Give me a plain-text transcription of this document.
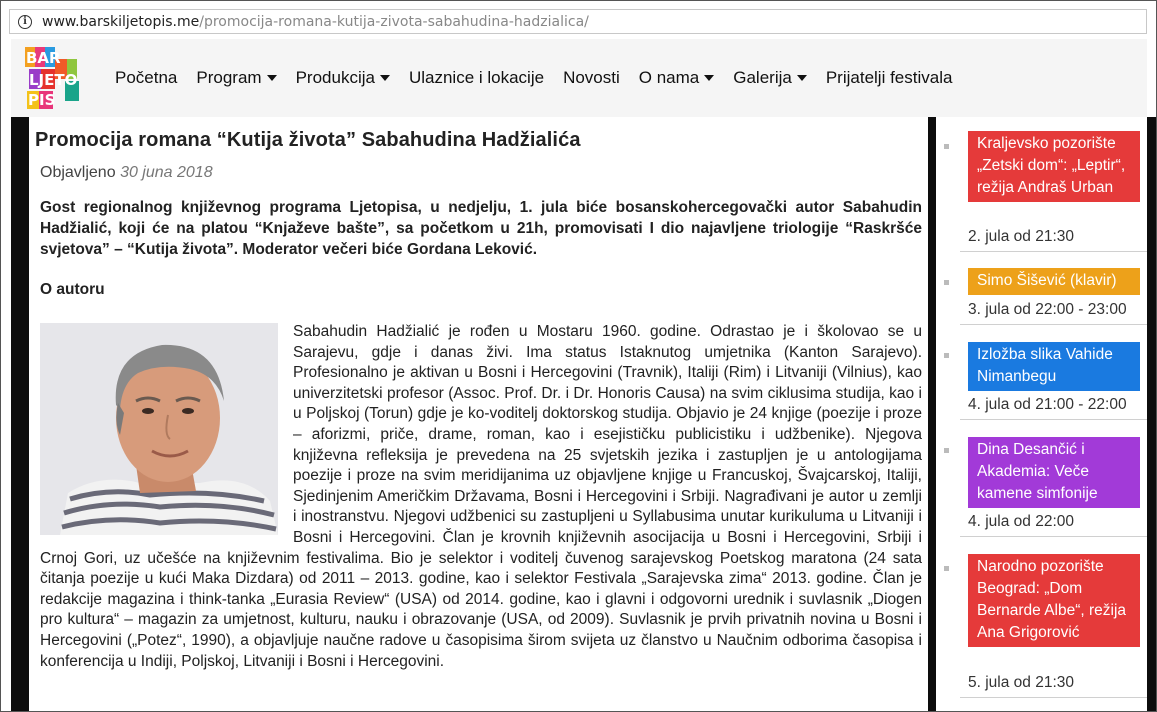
i	www.barskiljetopis.me /promocija-romana-kutija-zivota-sabahudina-hadzialica/
BAR
LJETO
PIS
Početna Program Produkcija Ulaznice i lokacije Novosti O nama Galerija Prijatelji festivala
Promocija romana “Kutija života” Sabahudina Hadžialića
Objavljeno 30 juna 2018

Gost regionalnog književnog programa Ljetopisa, u nedjelju, 1. jula biće bosanskohercegovački autor Sabahudin Hadžialić, koji će na platou “Knjaževe bašte”, sa početkom u 21h, promovisati I dio najavljene triologije “Raskršće svjetova” – “Kutija života”. Moderator večeri biće Gordana Leković.

O autoru
Sabahudin Hadžialić je rođen u Mostaru 1960. godine. Odrastao je i školovao se u Sarajevu, gdje i danas živi. Ima status Istaknutog umjetnika (Kanton Sarajevo). Profesionalno je aktivan u Bosni i Hercegovini (Travnik), Italiji (Rim) i Litvaniji (Vilnius), kao univerzitetski profesor (Assoc. Prof. Dr. i Dr. Honoris Causa) na svim ciklusima studija, kao i u Poljskoj (Torun) gdje je ko-voditelj doktorskog studija. Objavio je 24 knjige (poezije i proze – aforizmi, priče, drame, roman, kao i esejističku publicistiku i udžbenike). Njegova književna refleksija je prevedena na 25 svjetskih jezika i zastupljen je u antologijama poezije i proze na svim meridijanima uz objavljene knjige u Francuskoj, Švajcarskoj, Italiji, Sjedinjenim Američkim Državama, Bosni i Hercegovini i Srbiji. Nagrađivani je autor u zemlji i inostranstvu. Njegovi udžbenici su zastupljeni u Syllabusima unutar kurikuluma u Litvaniji i Bosni i Hercegovini. Član je krovnih književnih asocijacija u Bosni i Hercegovini, Srbiji i Crnoj Gori, uz učešće na književnim festivalima. Bio je selektor i voditelj čuvenog sarajevskog Poetskog maratona (24 sata čitanja poezije u kući Maka Dizdara) od 2011 – 2013. godine, kao i selektor Festivala „Sarajevska zima“ 2013. godine. Član je redakcije magazina i think-tanka „Eurasia Review“ (USA) od 2014. godine, kao i glavni i odgovorni urednik i suvlasnik „Diogen pro kultura“ – magazin za umjetnost, kulturu, nauku i obrazovanje (USA, od 2009). Suvlasnik je prvih privatnih novina u Bosni i Hercegovini („Potez“, 1990), a objavljuje naučne radove u časopisima širom svijeta uz članstvo u Naučnim odborima časopisa i konferencija u Indiji, Poljskoj, Litvaniji i Bosni i Hercegovini.
Kraljevsko pozorište „Zetski dom“: „Leptir“, režija Andraš Urban
2. jula od 21:30
Simo Šišević (klavir)
3. jula od 22:00 - 23:00
Izložba slika Vahide Nimanbegu
4. jula od 21:00 - 22:00
Dina Desančić i Akademia: Veče kamene simfonije
4. jula od 22:00
Narodno pozorište Beograd: „Dom Bernarde Albe“, režija Ana Grigorović
5. jula od 21:30
